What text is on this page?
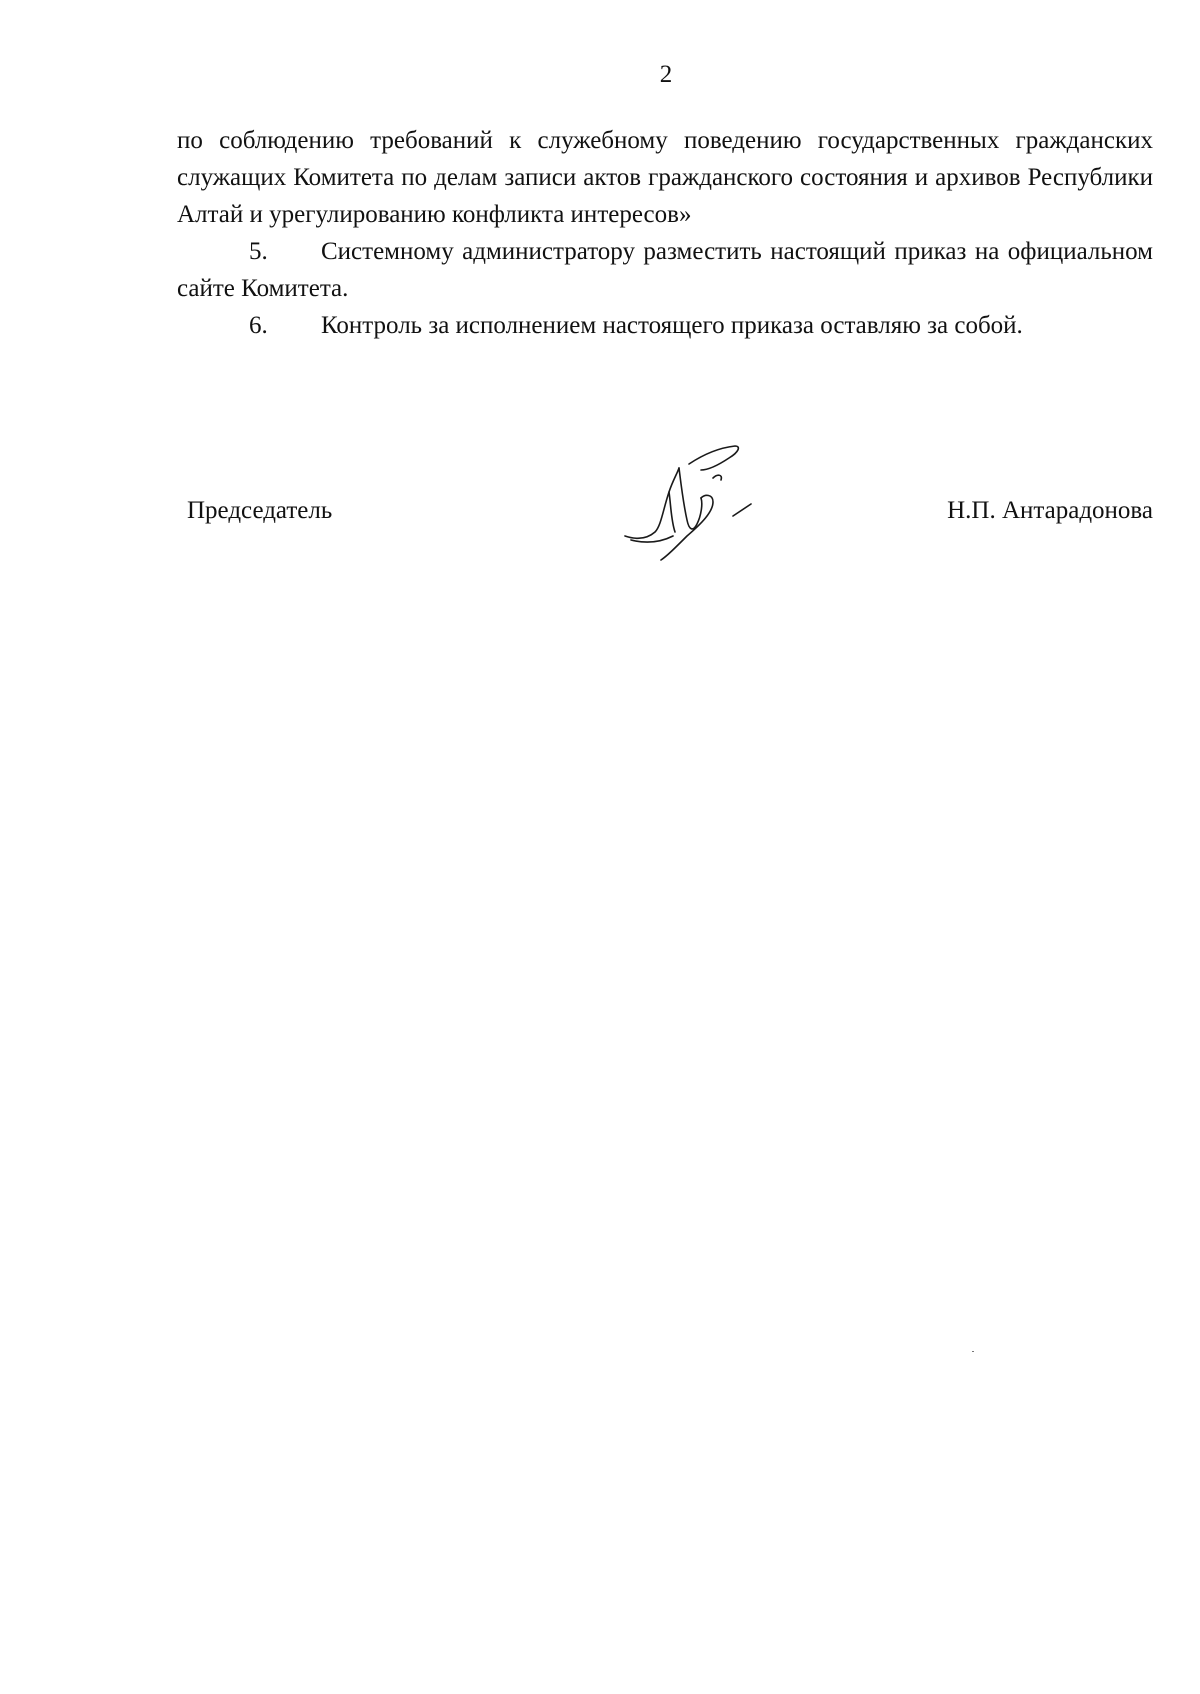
2

по соблюдению требований к служебному поведению государственных гражданских служащих Комитета по делам записи актов гражданского состояния и архивов Республики Алтай и урегулированию конфликта интересов»

5. Системному администратору разместить настоящий приказ на официальном сайте Комитета.

6. Контроль за исполнением настоящего приказа оставляю за собой.

Председатель	Н.П. Антарадонова
